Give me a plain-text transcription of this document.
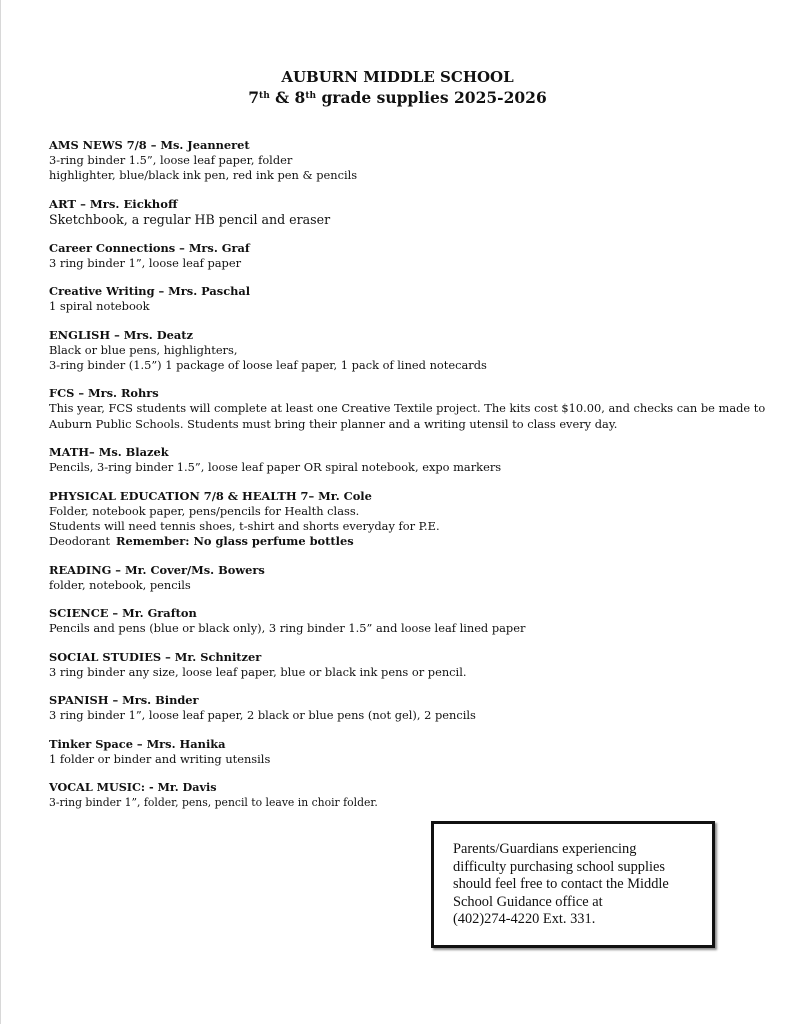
AUBURN MIDDLE SCHOOL
7th & 8th grade supplies 2025-2026
AMS NEWS 7/8 – Ms. Jeanneret
3-ring binder 1.5”, loose leaf paper, folder
highlighter, blue/black ink pen, red ink pen & pencils
ART – Mrs. Eickhoff
Sketchbook, a regular HB pencil and eraser
Career Connections – Mrs. Graf
3 ring binder 1”, loose leaf paper
Creative Writing – Mrs. Paschal
1 spiral notebook
ENGLISH – Mrs. Deatz
Black or blue pens, highlighters,
3-ring binder (1.5”) 1 package of loose leaf paper, 1 pack of lined notecards
FCS – Mrs. Rohrs
This year, FCS students will complete at least one Creative Textile project. The kits cost $10.00, and checks can be made to
Auburn Public Schools. Students must bring their planner and a writing utensil to class every day.
MATH– Ms. Blazek
Pencils, 3-ring binder 1.5”, loose leaf paper OR spiral notebook, expo markers
PHYSICAL EDUCATION 7/8 & HEALTH 7– Mr. Cole
Folder, notebook paper, pens/pencils for Health class.
Students will need tennis shoes, t-shirt and shorts everyday for P.E.
Deodorant Remember: No glass perfume bottles
READING – Mr. Cover/Ms. Bowers
folder, notebook, pencils
SCIENCE – Mr. Grafton
Pencils and pens (blue or black only), 3 ring binder 1.5” and loose leaf lined paper
SOCIAL STUDIES – Mr. Schnitzer
3 ring binder any size, loose leaf paper, blue or black ink pens or pencil.
SPANISH – Mrs. Binder
3 ring binder 1”, loose leaf paper, 2 black or blue pens (not gel), 2 pencils
Tinker Space – Mrs. Hanika
1 folder or binder and writing utensils
VOCAL MUSIC: - Mr. Davis
3-ring binder 1”, folder, pens, pencil to leave in choir folder.
Parents/Guardians experiencing
difficulty purchasing school supplies
should feel free to contact the Middle
School Guidance office at
(402)274-4220 Ext. 331.
